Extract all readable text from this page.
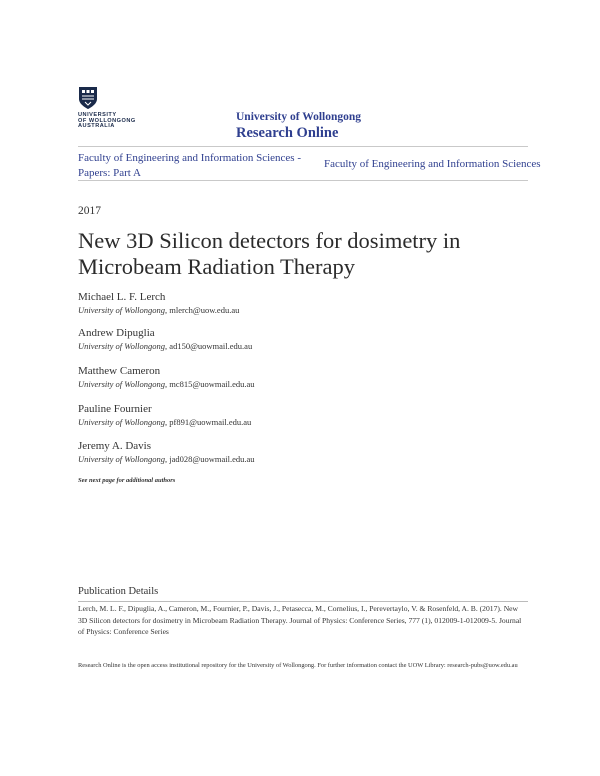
UNIVERSITY
OF WOLLONGONG
AUSTRALIA
University of Wollongong
Research Online
Faculty of Engineering and Information Sciences - Papers: Part A
Faculty of Engineering and Information Sciences
2017
New 3D Silicon detectors for dosimetry in Microbeam Radiation Therapy
Michael L. F. Lerch
University of Wollongong, mlerch@uow.edu.au
Andrew Dipuglia
University of Wollongong, ad150@uowmail.edu.au
Matthew Cameron
University of Wollongong, mc815@uowmail.edu.au
Pauline Fournier
University of Wollongong, pf891@uowmail.edu.au
Jeremy A. Davis
University of Wollongong, jad028@uowmail.edu.au
See next page for additional authors
Publication Details
Lerch, M. L. F., Dipuglia, A., Cameron, M., Fournier, P., Davis, J., Petasecca, M., Cornelius, I., Perevertaylo, V. & Rosenfeld, A. B. (2017). New 3D Silicon detectors for dosimetry in Microbeam Radiation Therapy. Journal of Physics: Conference Series, 777 (1), 012009-1-012009-5. Journal of Physics: Conference Series
Research Online is the open access institutional repository for the University of Wollongong. For further information contact the UOW Library: research-pubs@uow.edu.au
